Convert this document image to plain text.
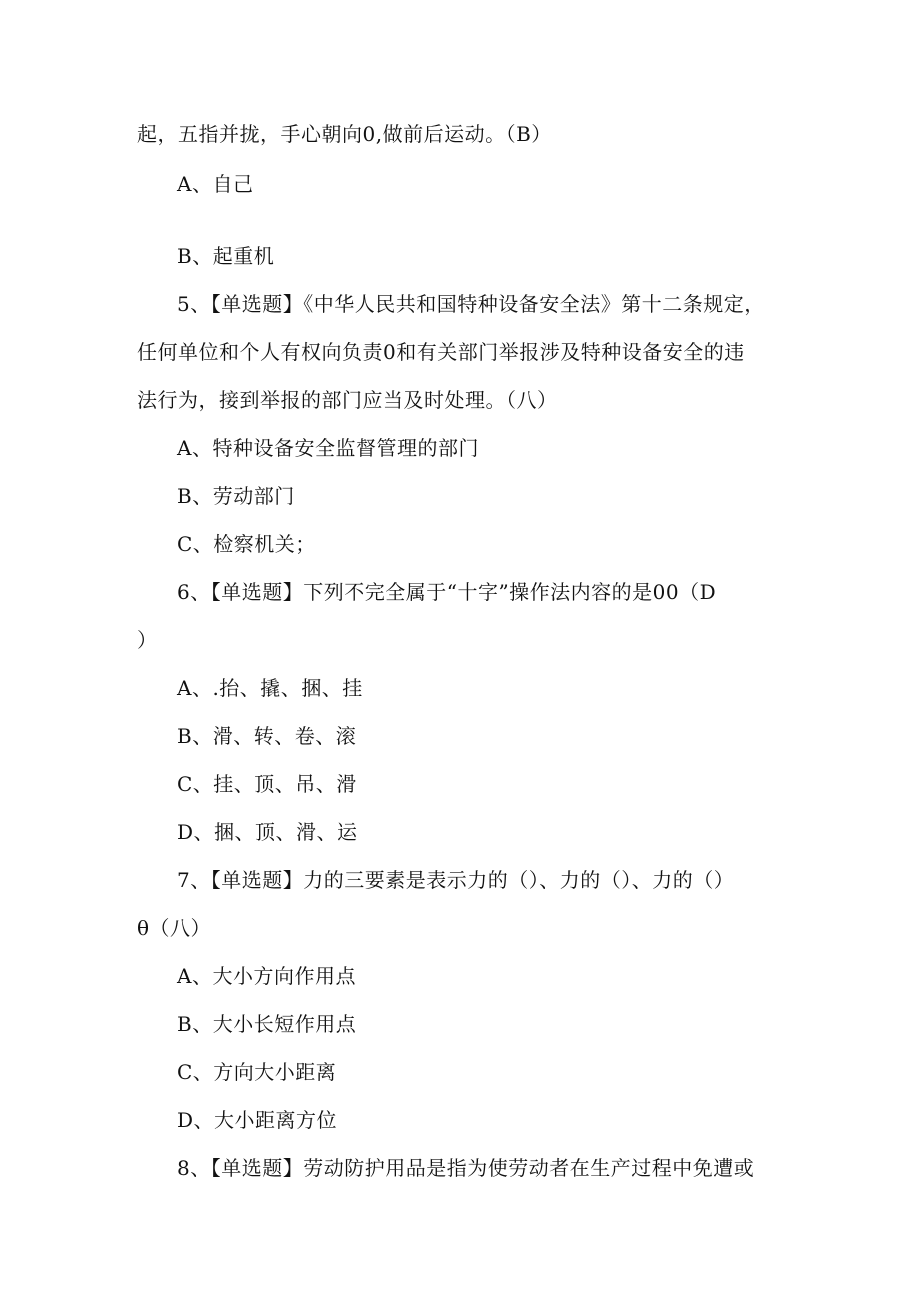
起，五指并拢，手心朝向0,做前后运动。（B）
A、自己
B、起重机
5、【单选题】《中华人民共和国特种设备安全法》第十二条规定，
任何单位和个人有权向负责0和有关部门举报涉及特种设备安全的违
法行为，接到举报的部门应当及时处理。（八）
A、特种设备安全监督管理的部门
B、劳动部门
C、检察机关；
6、【单选题】下列不完全属于“十字”操作法内容的是00（D
）
A、.抬、撬、捆、挂
B、滑、转、卷、滚
C、挂、顶、吊、滑
D、捆、顶、滑、运
7、【单选题】力的三要素是表示力的（）、力的（）、力的（）
θ（八）
A、大小方向作用点
B、大小长短作用点
C、方向大小距离
D、大小距离方位
8、【单选题】劳动防护用品是指为使劳动者在生产过程中免遭或
